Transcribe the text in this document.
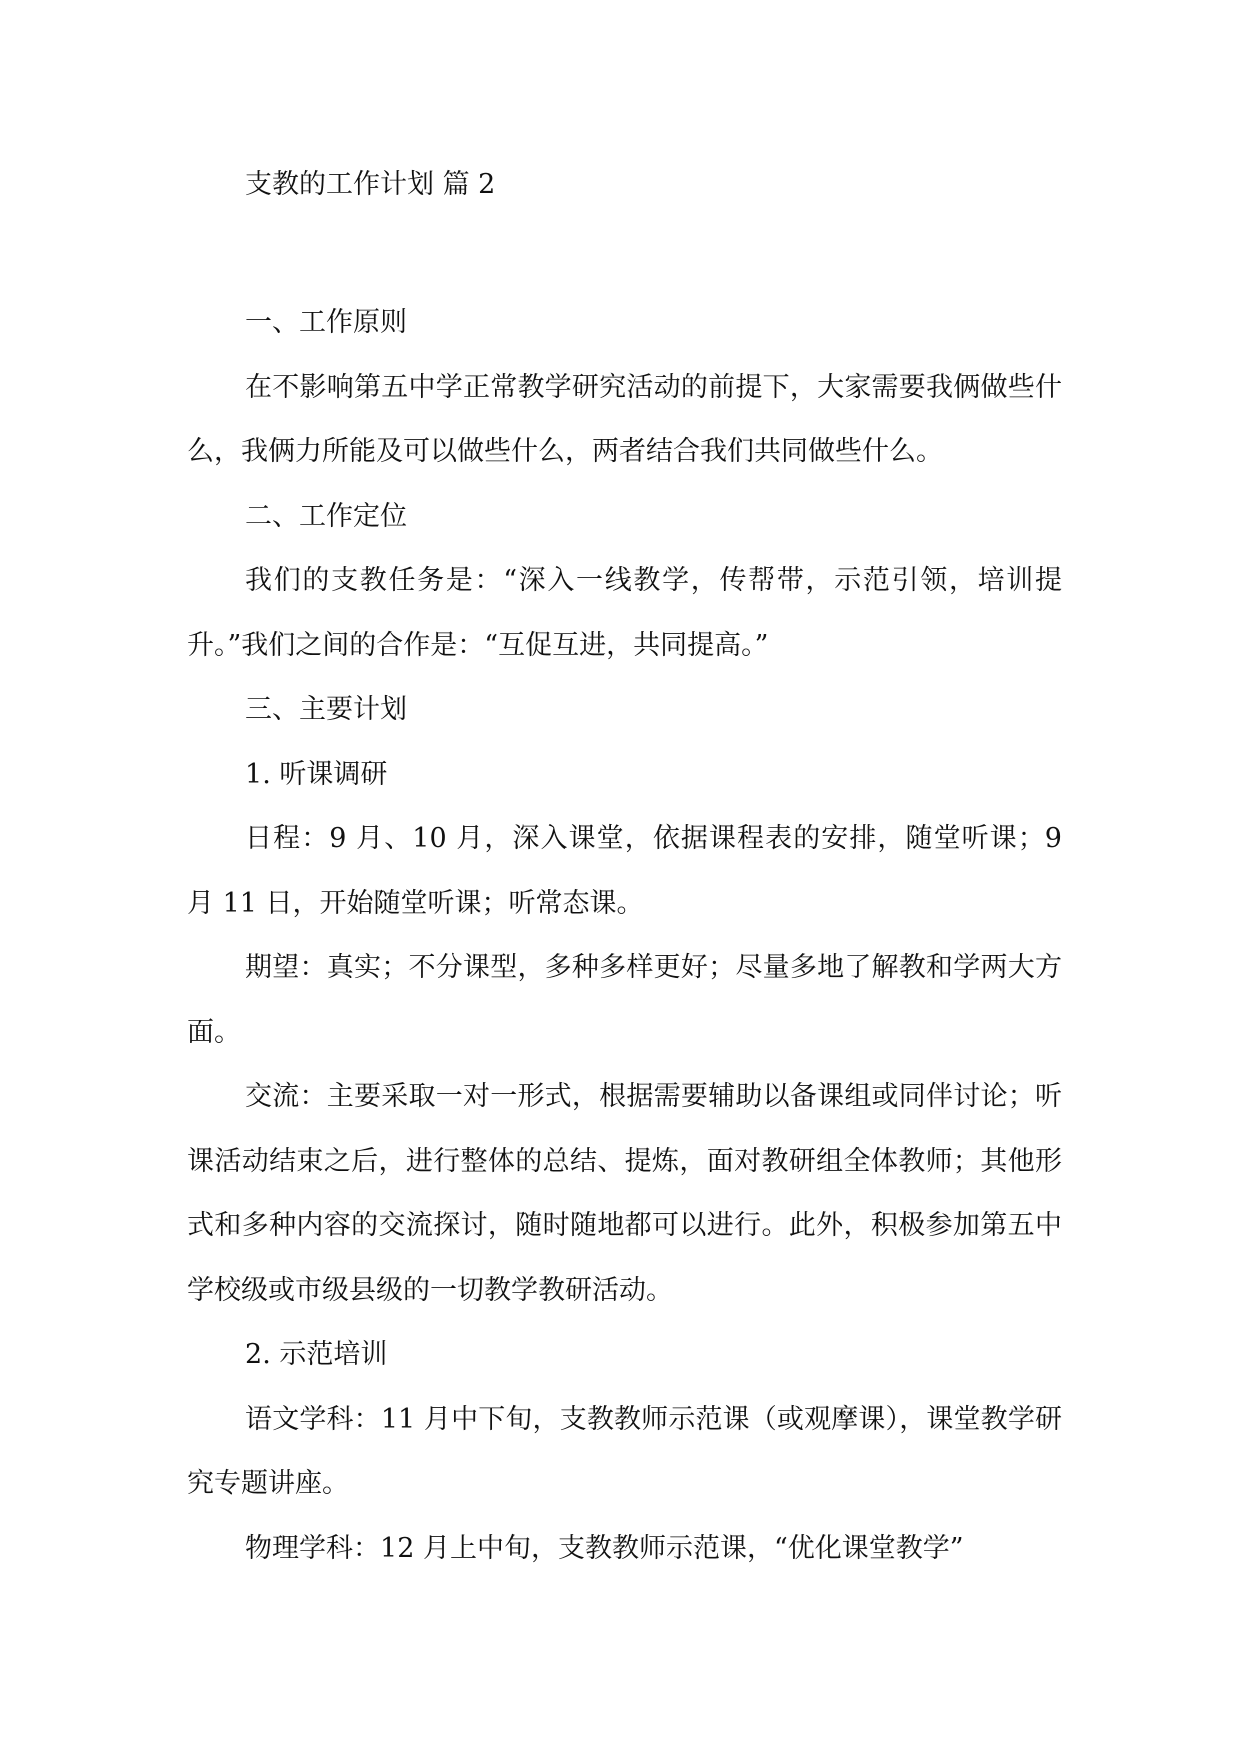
支教的工作计划 篇 2

一、工作原则

在不影响第五中学正常教学研究活动的前提下，大家需要我俩做些什么，我俩力所能及可以做些什么，两者结合我们共同做些什么。

二、工作定位

我们的支教任务是：“深入一线教学，传帮带，示范引领，培训提升。”我们之间的合作是：“互促互进，共同提高。”

三、主要计划

1. 听课调研

日程：9 月、10 月，深入课堂，依据课程表的安排，随堂听课；9 月 11 日，开始随堂听课；听常态课。

期望：真实；不分课型，多种多样更好；尽量多地了解教和学两大方面。

交流：主要采取一对一形式，根据需要辅助以备课组或同伴讨论；听课活动结束之后，进行整体的总结、提炼，面对教研组全体教师；其他形式和多种内容的交流探讨，随时随地都可以进行。此外，积极参加第五中学校级或市级县级的一切教学教研活动。

2. 示范培训

语文学科：11 月中下旬，支教教师示范课（或观摩课），课堂教学研究专题讲座。

物理学科：12 月上中旬，支教教师示范课，“优化课堂教学”
